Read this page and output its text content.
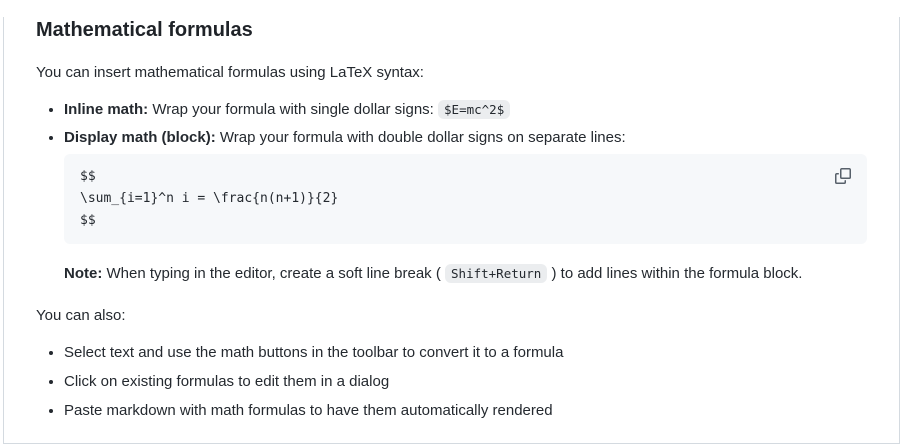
Mathematical formulas

You can insert mathematical formulas using LaTeX syntax:

• Inline math: Wrap your formula with single dollar signs: $E=mc^2$
• Display math (block): Wrap your formula with double dollar signs on separate lines:
$$
\sum_{i=1}^n i = \frac{n(n+1)}{2}
$$

Note: When typing in the editor, create a soft line break ( Shift+Return ) to add lines within the formula block.

You can also:

• Select text and use the math buttons in the toolbar to convert it to a formula
• Click on existing formulas to edit them in a dialog
• Paste markdown with math formulas to have them automatically rendered
